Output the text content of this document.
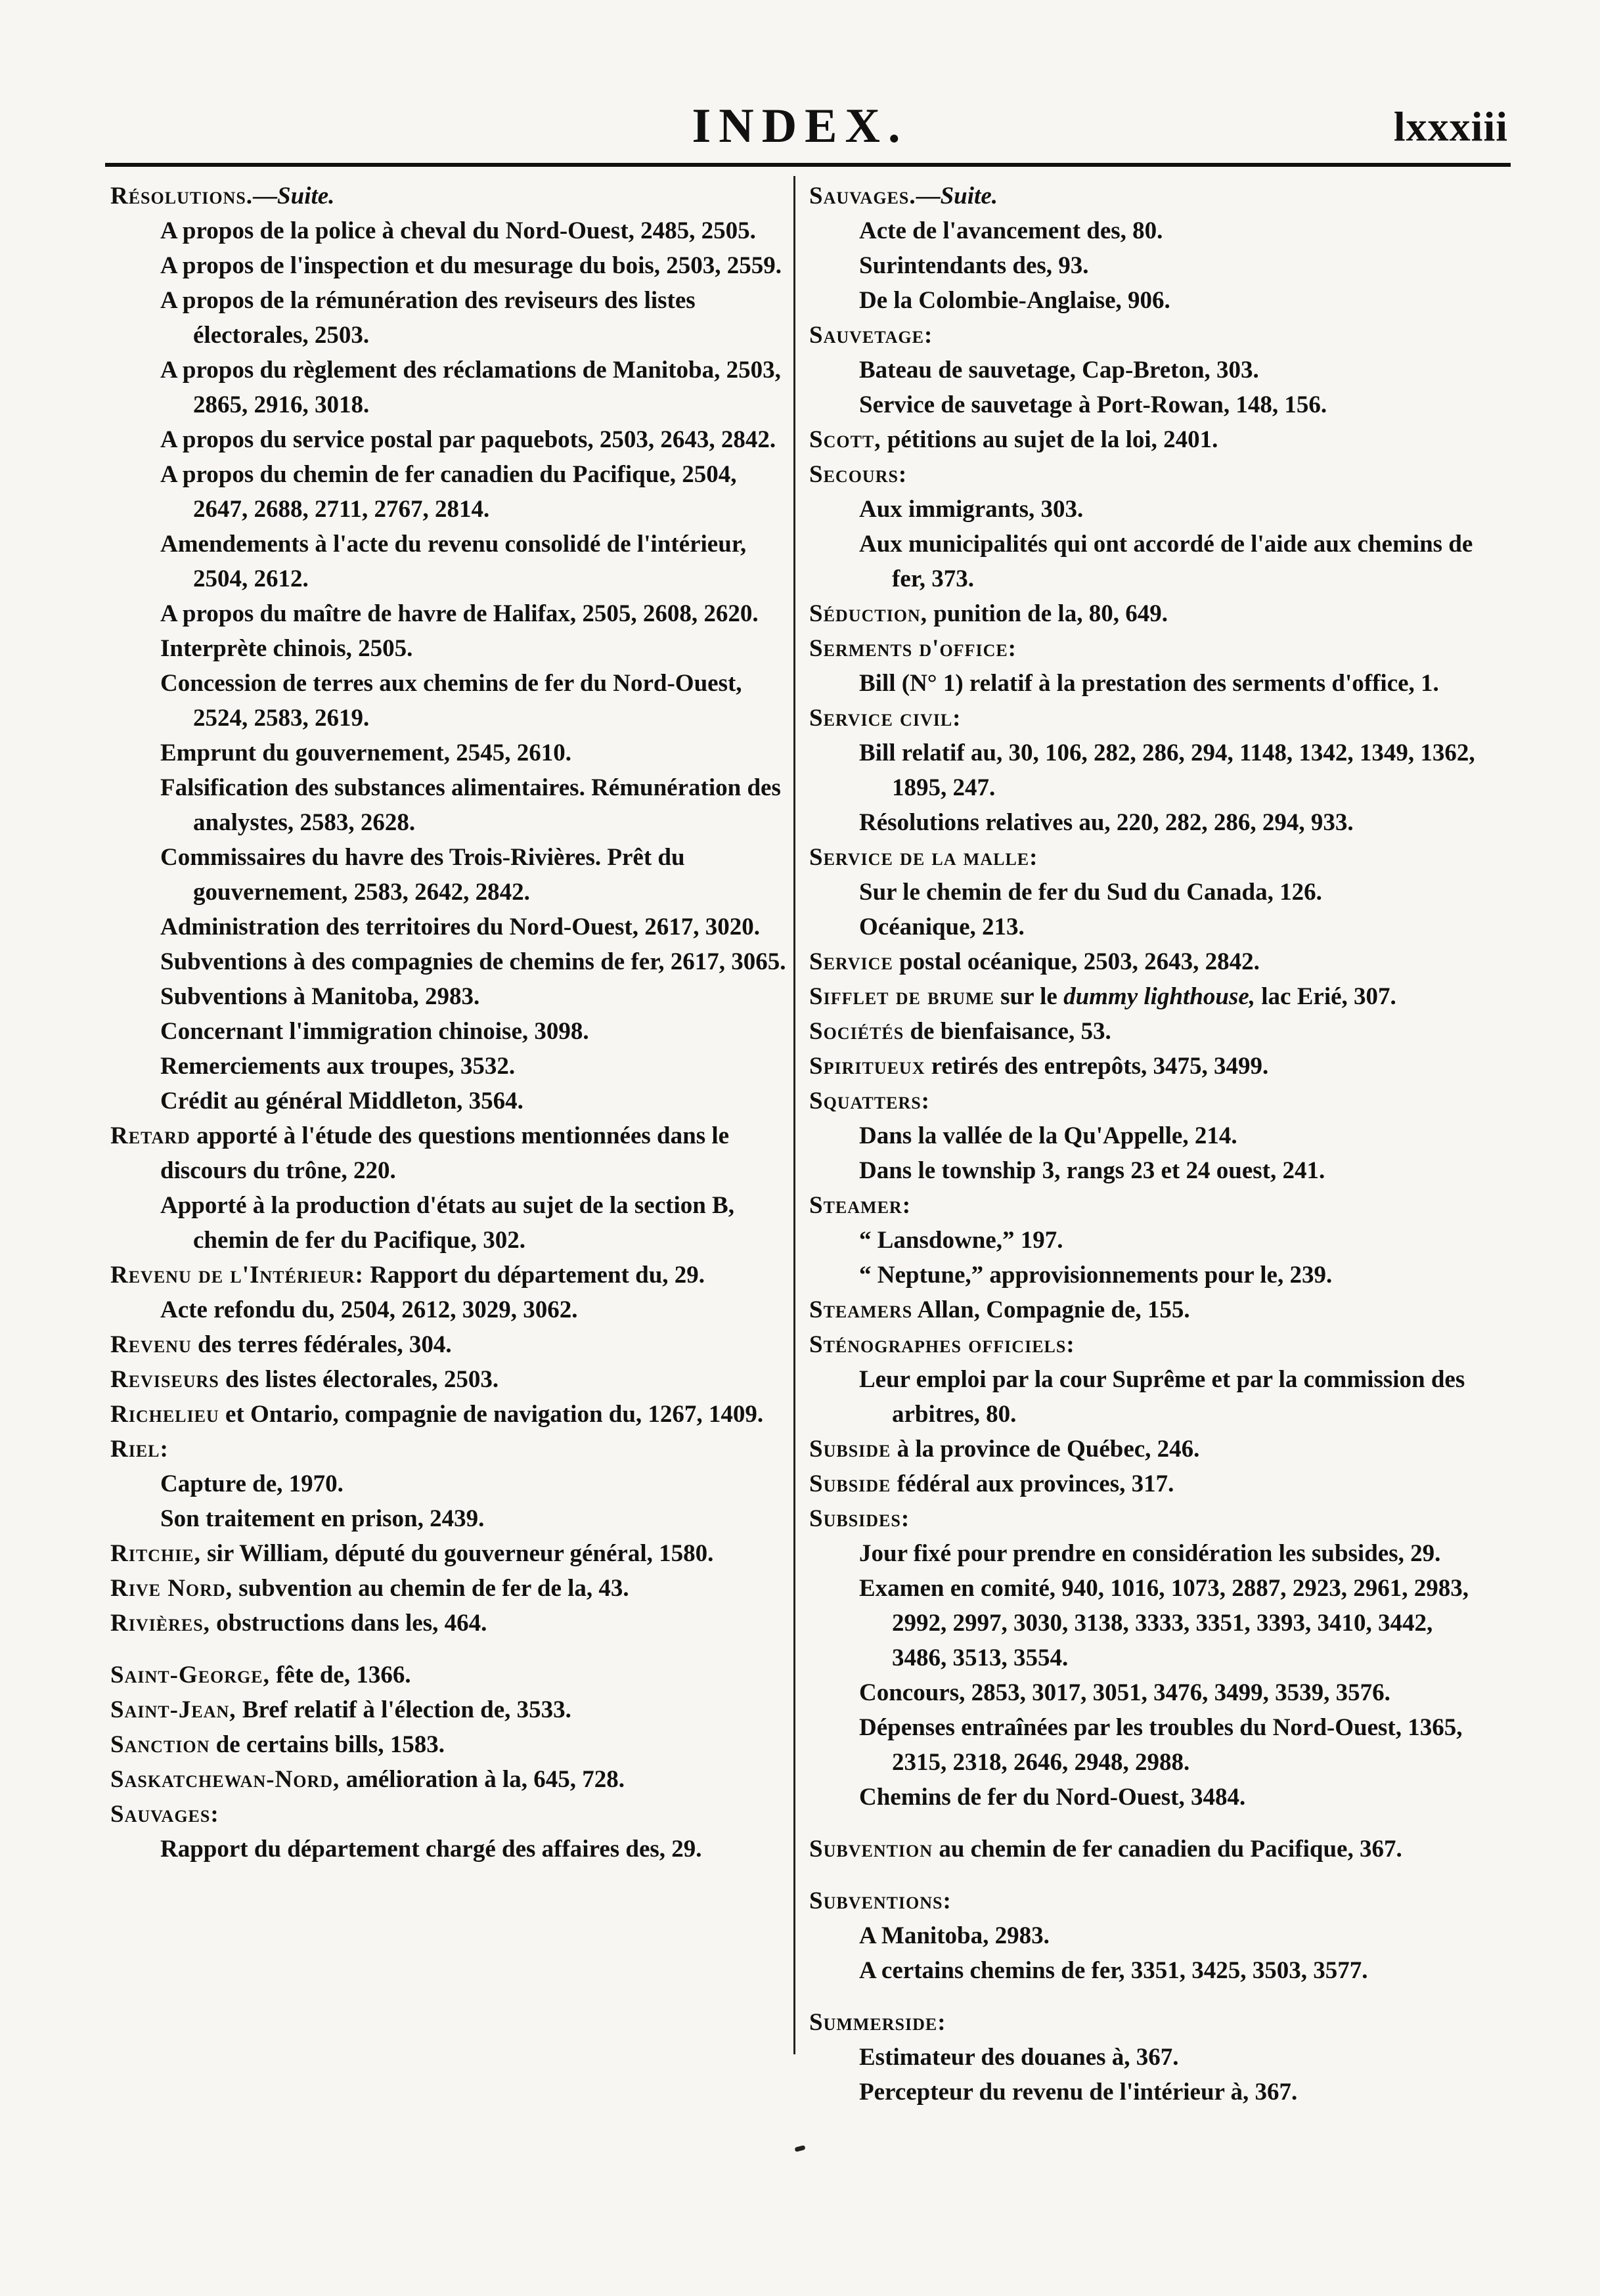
INDEX.	lxxxiii

Résolutions.—Suite.

A propos de la police à cheval du Nord-Ouest, 2485, 2505.

A propos de l'inspection et du mesurage du bois, 2503, 2559.

A propos de la rémunération des reviseurs des listes électorales, 2503.

A propos du règlement des réclamations de Manitoba, 2503, 2865, 2916, 3018.

A propos du service postal par paquebots, 2503, 2643, 2842.

A propos du chemin de fer canadien du Pacifique, 2504, 2647, 2688, 2711, 2767, 2814.

Amendements à l'acte du revenu consolidé de l'intérieur, 2504, 2612.

A propos du maître de havre de Halifax, 2505, 2608, 2620.

Interprète chinois, 2505.

Concession de terres aux chemins de fer du Nord-Ouest, 2524, 2583, 2619.

Emprunt du gouvernement, 2545, 2610.

Falsification des substances alimentaires. Rémunération des analystes, 2583, 2628.

Commissaires du havre des Trois-Rivières. Prêt du gouvernement, 2583, 2642, 2842.

Administration des territoires du Nord-Ouest, 2617, 3020.

Subventions à des compagnies de chemins de fer, 2617, 3065.

Subventions à Manitoba, 2983.

Concernant l'immigration chinoise, 3098.

Remerciements aux troupes, 3532.

Crédit au général Middleton, 3564.

Retard apporté à l'étude des questions mentionnées dans le discours du trône, 220.

Apporté à la production d'états au sujet de la section B, chemin de fer du Pacifique, 302.

Revenu de l'Intérieur: Rapport du département du, 29.

Acte refondu du, 2504, 2612, 3029, 3062.

Revenu des terres fédérales, 304.

Reviseurs des listes électorales, 2503.

Richelieu et Ontario, compagnie de navigation du, 1267, 1409.

Riel:

Capture de, 1970.

Son traitement en prison, 2439.

Ritchie, sir William, député du gouverneur général, 1580.

Rive Nord, subvention au chemin de fer de la, 43.

Rivières, obstructions dans les, 464.

Saint-George, fête de, 1366.

Saint-Jean, Bref relatif à l'élection de, 3533.

Sanction de certains bills, 1583.

Saskatchewan-Nord, amélioration à la, 645, 728.

Sauvages:

Rapport du département chargé des affaires des, 29.

Sauvages.—Suite.

Acte de l'avancement des, 80.

Surintendants des, 93.

De la Colombie-Anglaise, 906.

Sauvetage:

Bateau de sauvetage, Cap-Breton, 303.

Service de sauvetage à Port-Rowan, 148, 156.

Scott, pétitions au sujet de la loi, 2401.

Secours:

Aux immigrants, 303.

Aux municipalités qui ont accordé de l'aide aux chemins de fer, 373.

Séduction, punition de la, 80, 649.

Serments d'office:

Bill (N° 1) relatif à la prestation des serments d'office, 1.

Service civil:

Bill relatif au, 30, 106, 282, 286, 294, 1148, 1342, 1349, 1362, 1895, 247.

Résolutions relatives au, 220, 282, 286, 294, 933.

Service de la malle:

Sur le chemin de fer du Sud du Canada, 126.

Océanique, 213.

Service postal océanique, 2503, 2643, 2842.

Sifflet de brume sur le dummy lighthouse, lac Erié, 307.

Sociétés de bienfaisance, 53.

Spiritueux retirés des entrepôts, 3475, 3499.

Squatters:

Dans la vallée de la Qu'Appelle, 214.

Dans le township 3, rangs 23 et 24 ouest, 241.

Steamer:

“ Lansdowne,” 197.

“ Neptune,” approvisionnements pour le, 239.

Steamers Allan, Compagnie de, 155.

Sténographes officiels:

Leur emploi par la cour Suprême et par la commission des arbitres, 80.

Subside à la province de Québec, 246.

Subside fédéral aux provinces, 317.

Subsides:

Jour fixé pour prendre en considération les subsides, 29.

Examen en comité, 940, 1016, 1073, 2887, 2923, 2961, 2983, 2992, 2997, 3030, 3138, 3333, 3351, 3393, 3410, 3442, 3486, 3513, 3554.

Concours, 2853, 3017, 3051, 3476, 3499, 3539, 3576.

Dépenses entraînées par les troubles du Nord-Ouest, 1365, 2315, 2318, 2646, 2948, 2988.

Chemins de fer du Nord-Ouest, 3484.

Subvention au chemin de fer canadien du Pacifique, 367.

Subventions:

A Manitoba, 2983.

A certains chemins de fer, 3351, 3425, 3503, 3577.

Summerside:

Estimateur des douanes à, 367.

Percepteur du revenu de l'intérieur à, 367.
